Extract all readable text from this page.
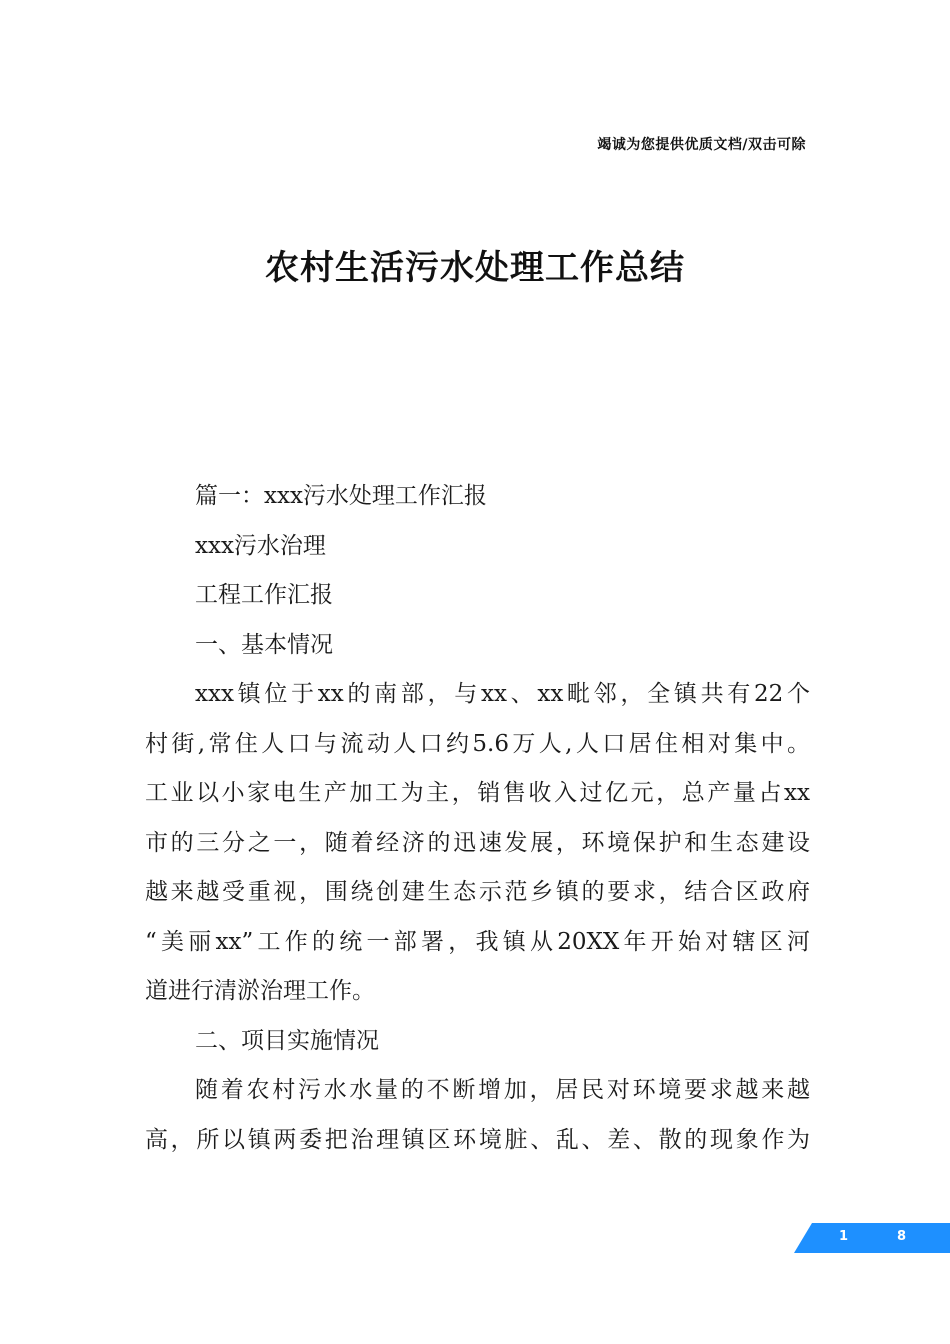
竭诚为您提供优质文档/双击可除
农村生活污水处理工作总结
篇一：xxx污水处理工作汇报
xxx污水治理
工程工作汇报
一、基本情况
xxx镇位于xx的南部，与xx、xx毗邻，全镇共有22个
村街,常住人口与流动人口约5.6万人,人口居住相对集中。
工业以小家电生产加工为主，销售收入过亿元，总产量占xx
市的三分之一，随着经济的迅速发展，环境保护和生态建设
越来越受重视，围绕创建生态示范乡镇的要求，结合区政府
“美丽xx”工作的统一部署，我镇从20XX年开始对辖区河
道进行清淤治理工作。
二、项目实施情况
随着农村污水水量的不断增加，居民对环境要求越来越
高，所以镇两委把治理镇区环境脏、乱、差、散的现象作为
1	8
